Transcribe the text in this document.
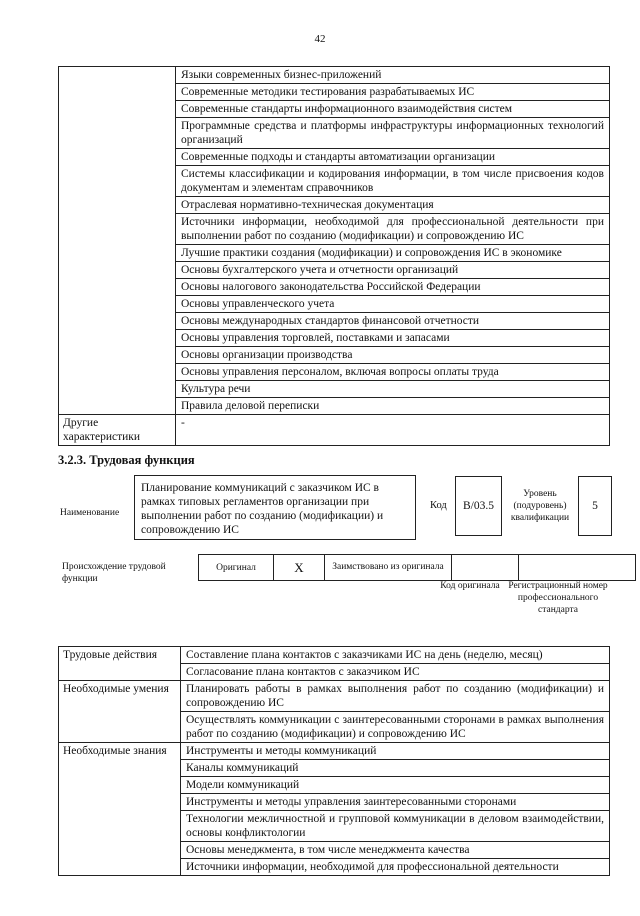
42
	Языки современных бизнес-приложений
	Современные методики тестирования разрабатываемых ИС
	Современные стандарты информационного взаимодействия систем
	Программные средства и платформы инфраструктуры информационных технологий организаций
	Современные подходы и стандарты автоматизации организации
	Системы классификации и кодирования информации, в том числе присвоения кодов документам и элементам справочников
	Отраслевая нормативно-техническая документация
	Источники информации, необходимой для профессиональной деятельности при выполнении работ по созданию (модификации) и сопровождению ИС
	Лучшие практики создания (модификации) и сопровождения ИС в экономике
	Основы бухгалтерского учета и отчетности организаций
	Основы налогового законодательства Российской Федерации
	Основы управленческого учета
	Основы международных стандартов финансовой отчетности
	Основы управления торговлей, поставками и запасами
	Основы организации производства
	Основы управления персоналом, включая вопросы оплаты труда
	Культура речи
	Правила деловой переписки
Другие характеристики	-
3.2.3. Трудовая функция
Наименование
Планирование коммуникаций с заказчиком ИС в рамках типовых регламентов организации при выполнении работ по созданию (модификации) и сопровождению ИС
Код	B/03.5
Уровень (подуровень) квалификации
5
Происхождение трудовой функции
Оригинал	X	Заимствовано из оригинала		
Код оригинала Регистрационный номер профессионального стандарта
Трудовые действия	Составление плана контактов с заказчиками ИС на день (неделю, месяц)
	Согласование плана контактов с заказчиком ИС
Необходимые умения	Планировать работы в рамках выполнения работ по созданию (модификации) и сопровождению ИС
	Осуществлять коммуникации с заинтересованными сторонами в рамках выполнения работ по созданию (модификации) и сопровождению ИС
Необходимые знания	Инструменты и методы коммуникаций
	Каналы коммуникаций
	Модели коммуникаций
	Инструменты и методы управления заинтересованными сторонами
	Технологии межличностной и групповой коммуникации в деловом взаимодействии, основы конфликтологии
	Основы менеджмента, в том числе менеджмента качества
	Источники информации, необходимой для профессиональной деятельности
